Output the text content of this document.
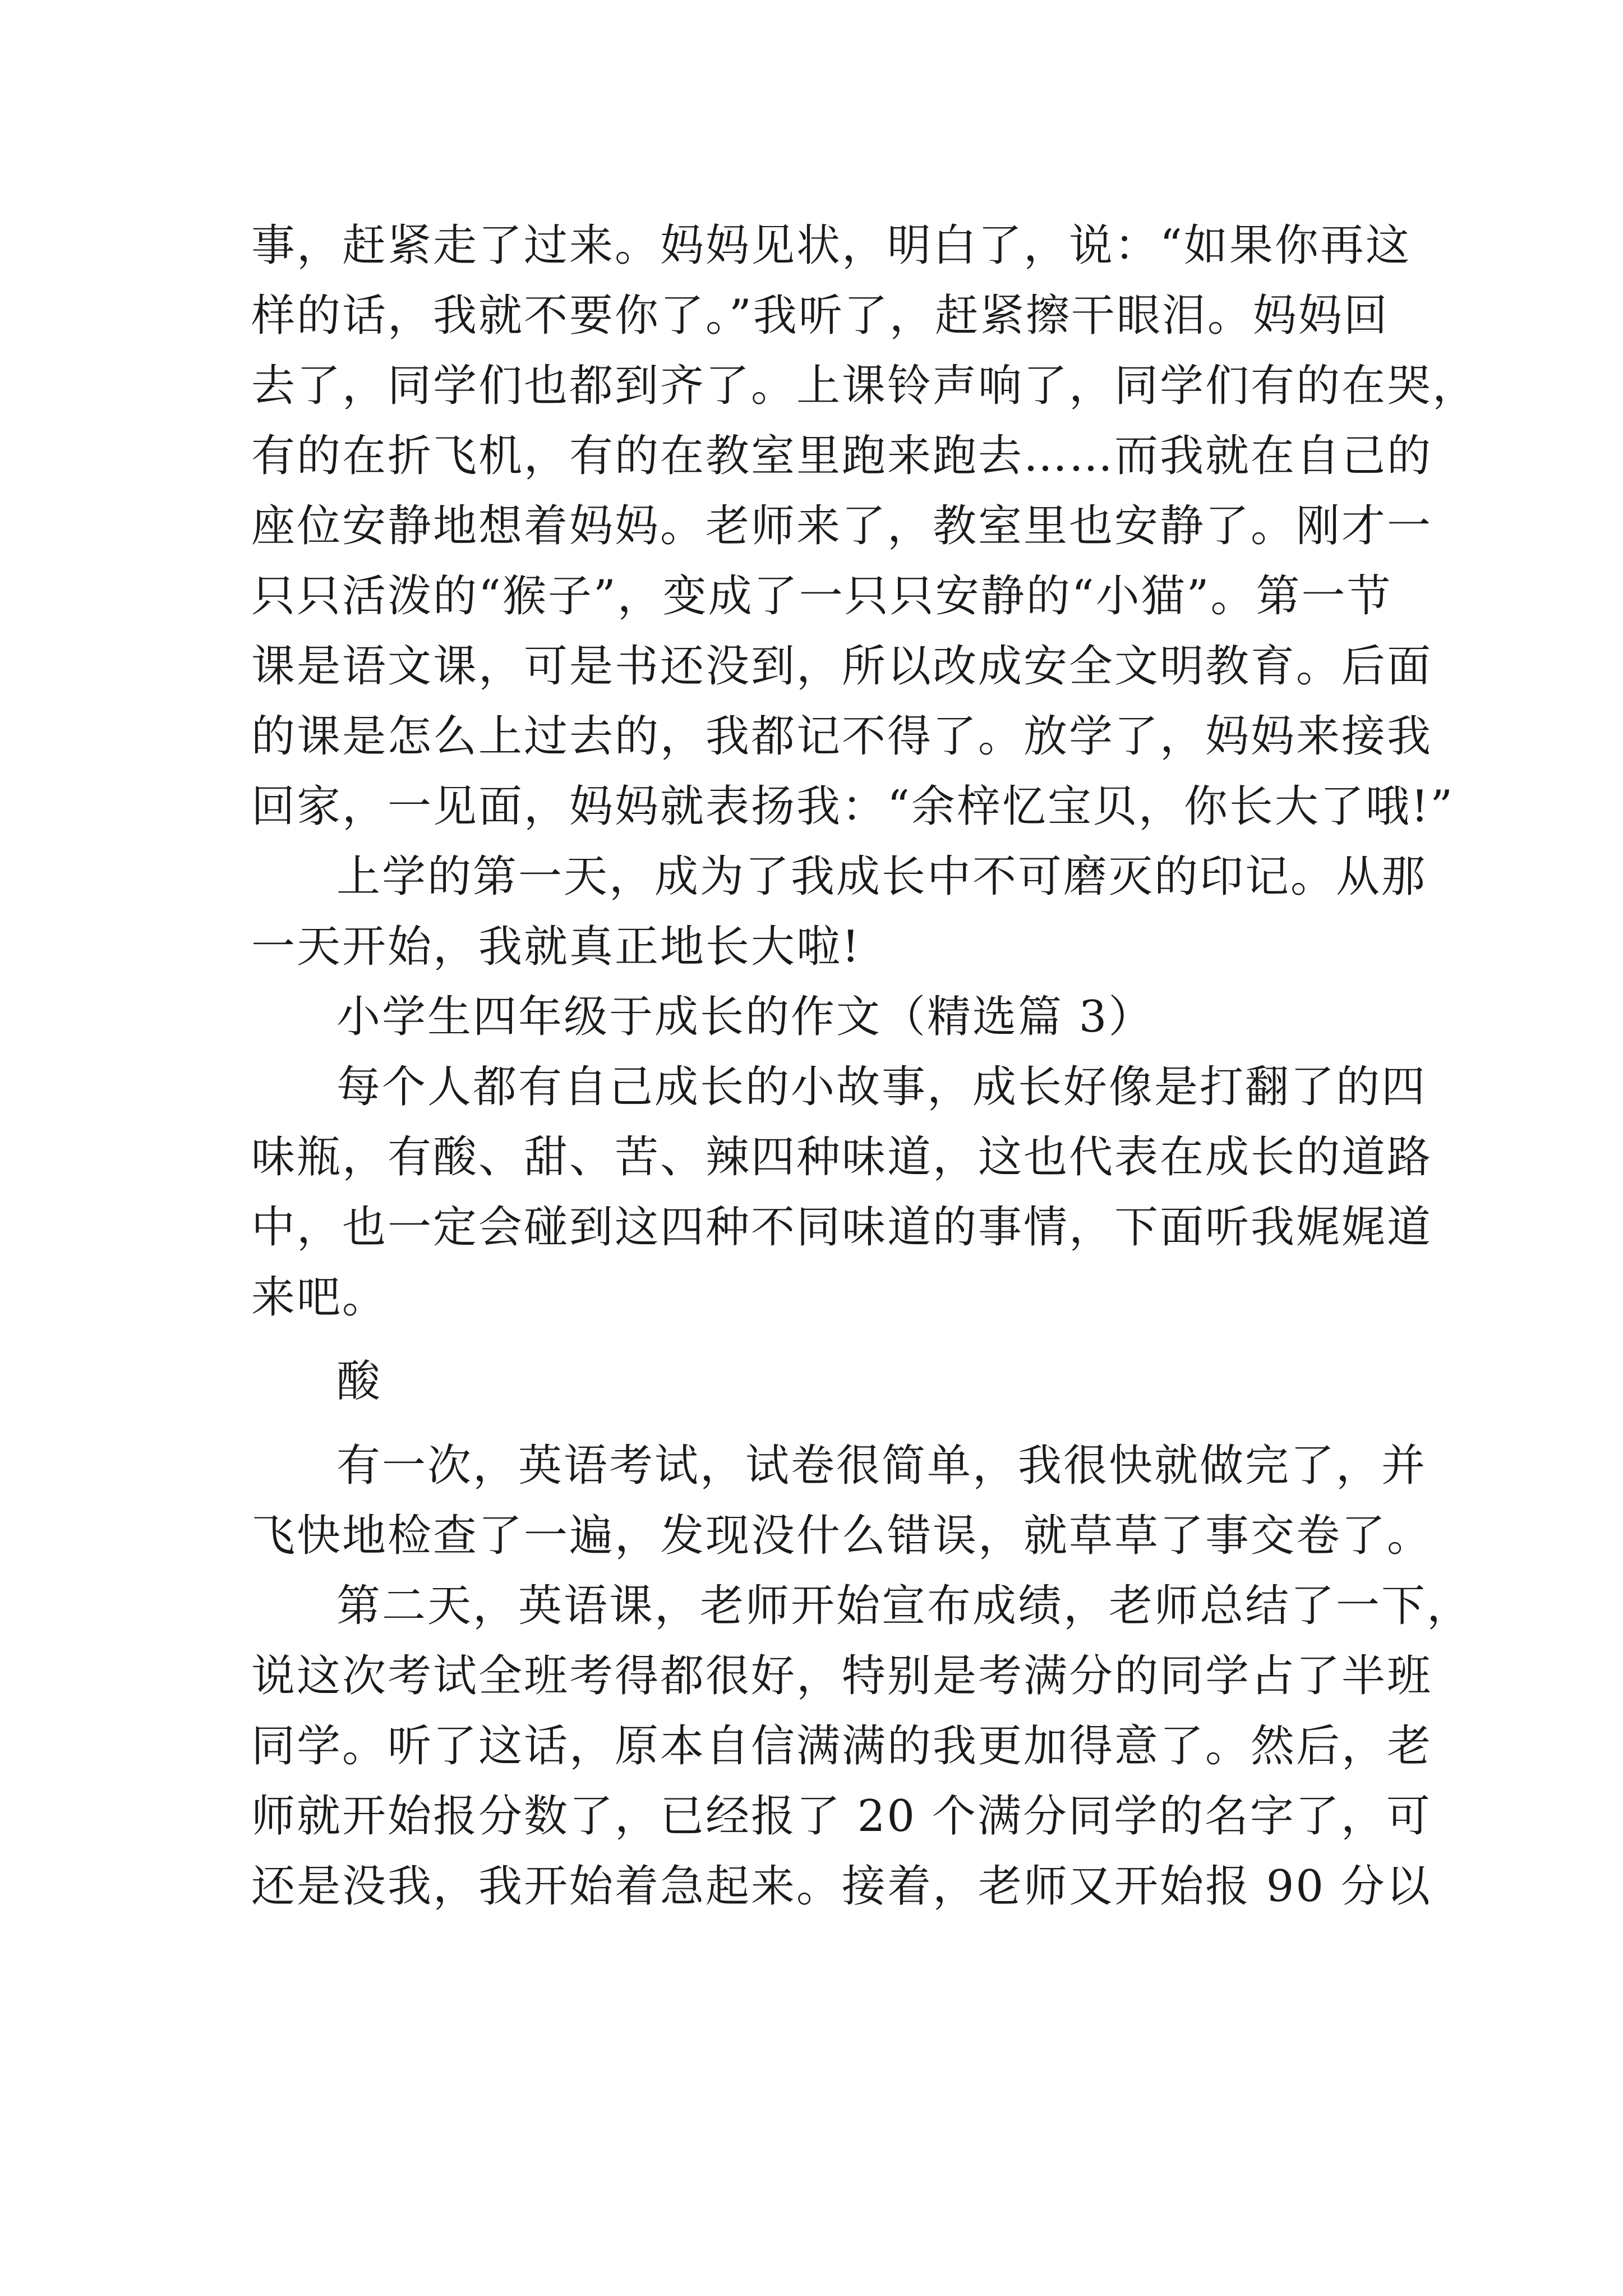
事，赶紧走了过来。妈妈见状，明白了，说：“如果你再这
样的话，我就不要你了。”我听了，赶紧擦干眼泪。妈妈回
去了，同学们也都到齐了。上课铃声响了，同学们有的在哭，
有的在折飞机，有的在教室里跑来跑去……而我就在自己的
座位安静地想着妈妈。老师来了，教室里也安静了。刚才一
只只活泼的“猴子”，变成了一只只安静的“小猫”。第一节
课是语文课，可是书还没到，所以改成安全文明教育。后面
的课是怎么上过去的，我都记不得了。放学了，妈妈来接我
回家，一见面，妈妈就表扬我：“余梓忆宝贝，你长大了哦!”
上学的第一天，成为了我成长中不可磨灭的印记。从那
一天开始，我就真正地长大啦!
小学生四年级于成长的作文（精选篇 3）
每个人都有自己成长的小故事，成长好像是打翻了的四
味瓶，有酸、甜、苦、辣四种味道，这也代表在成长的道路
中，也一定会碰到这四种不同味道的事情，下面听我娓娓道
来吧。
酸
有一次，英语考试，试卷很简单，我很快就做完了，并
飞快地检查了一遍，发现没什么错误，就草草了事交卷了。
第二天，英语课，老师开始宣布成绩，老师总结了一下，
说这次考试全班考得都很好，特别是考满分的同学占了半班
同学。听了这话，原本自信满满的我更加得意了。然后，老
师就开始报分数了，已经报了 20 个满分同学的名字了，可
还是没我，我开始着急起来。接着，老师又开始报 90 分以
